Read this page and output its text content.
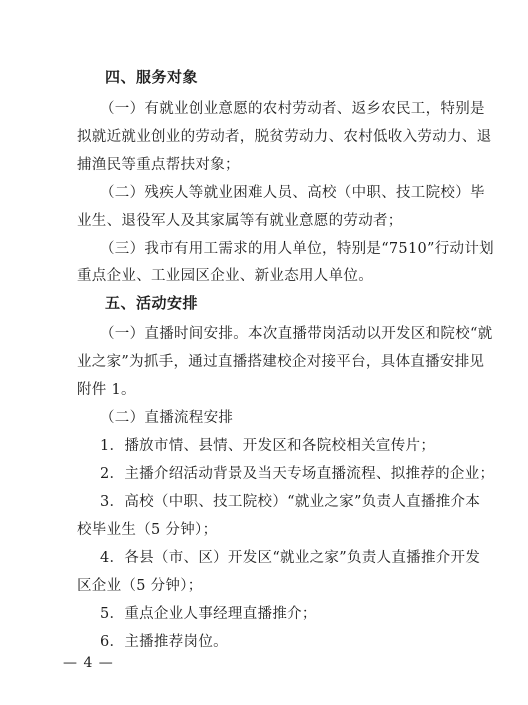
四、服务对象
（一）有就业创业意愿的农村劳动者、返乡农民工，特别是
拟就近就业创业的劳动者，脱贫劳动力、农村低收入劳动力、退
捕渔民等重点帮扶对象；
（二）残疾人等就业困难人员、高校（中职、技工院校）毕
业生、退役军人及其家属等有就业意愿的劳动者；
（三）我市有用工需求的用人单位，特别是“7510”行动计划
重点企业、工业园区企业、新业态用人单位。
五、活动安排
（一）直播时间安排。本次直播带岗活动以开发区和院校“就
业之家”为抓手，通过直播搭建校企对接平台，具体直播安排见
附件 1。
（二）直播流程安排
1．播放市情、县情、开发区和各院校相关宣传片；
2．主播介绍活动背景及当天专场直播流程、拟推荐的企业；
3．高校（中职、技工院校）“就业之家”负责人直播推介本
校毕业生（5 分钟）；
4．各县（市、区）开发区“就业之家”负责人直播推介开发
区企业（5 分钟）；
5．重点企业人事经理直播推介；
6．主播推荐岗位。
— 4 —
